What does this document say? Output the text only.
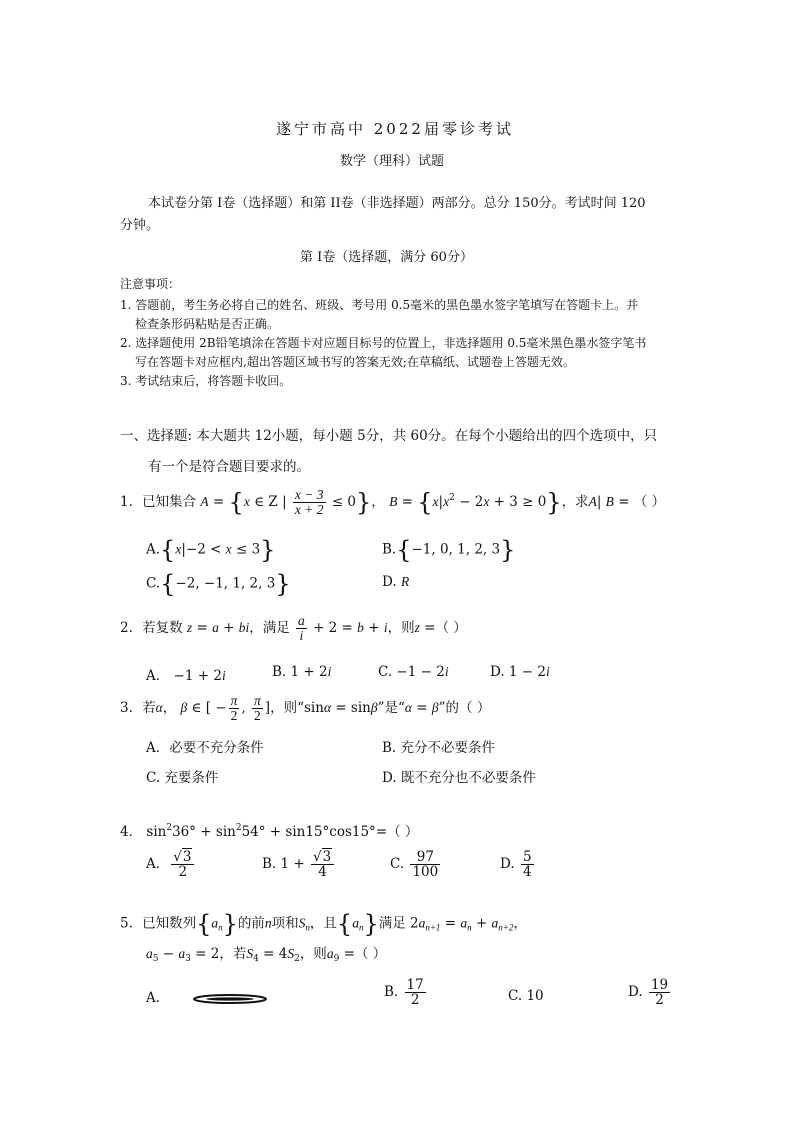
遂宁市高中 2022届零诊考试
数学（理科）试题
本试卷分第 I卷（选择题）和第 II卷（非选择题）两部分。总分 150分。考试时间 120
分钟。
第 I卷（选择题，满分 60分）
注意事项：
1. 答题前，考生务必将自己的姓名、班级、考号用 0.5毫米的黑色墨水签字笔填写在答题卡上。并
检查条形码粘贴是否正确。
2. 选择题使用 2B铅笔填涂在答题卡对应题目标号的位置上，非选择题用 0.5毫米黑色墨水签字笔书
写在答题卡对应框内,超出答题区域书写的答案无效;在草稿纸、试题卷上答题无效。
3. 考试结束后，将答题卡收回。
一、选择题: 本大题共 12小题，每小题 5分，共 60分。在每个小题给出的四个选项中，只
有一个是符合题目要求的。
1．已知集合 A = {x ∈ Z | $\frac{x - 3}{x + 2} \le 0$}， $B = \{x|x^2 - 2x + 3 \ge 0\}$，求A| B = （ ）
A.{x|−2 < x ≤ 3}	B.{−1, 0, 1, 2, 3}
C.{−2, −1, 1, 2, 3}	D. R
2．若复数 z = a + bi，满足 $\frac{a}{i} + 2 = b + i$，则z =（ ）
A． −1 + 2i	B. 1 + 2i	C. −1 − 2i	D. 1 − 2i
3．若α， β ∈ [ − $\frac{\pi}{2}$ , $\frac{\pi}{2}$ ]，则“sinα = sinβ”是“α = β”的（ ）
A．必要不充分条件	B. 充分不必要条件
C. 充要条件	D. 既不充分也不必要条件
4． $\sin^236^\circ + \sin^254^\circ + \sin 15^\circ\cos 15^\circ=$（ ）
A． $\frac{√3}{2}$	B. $1 + \frac{√3}{4}$	C. $\frac{97}{100}$	D. $\frac{5}{4}$
5．已知数列$\{a_n\}$的前n项和$S_n$，且$\{a_n\}$满足 $2a_{n+1} = a_n + a_{n+2}$，
$a_5 - a_3 = 2$，若$S_4 = 4S_2$，则$a_9$ =（ ）
A．	B. $\frac{17}{2}$	C. 10	D. $\frac{19}{2}$
